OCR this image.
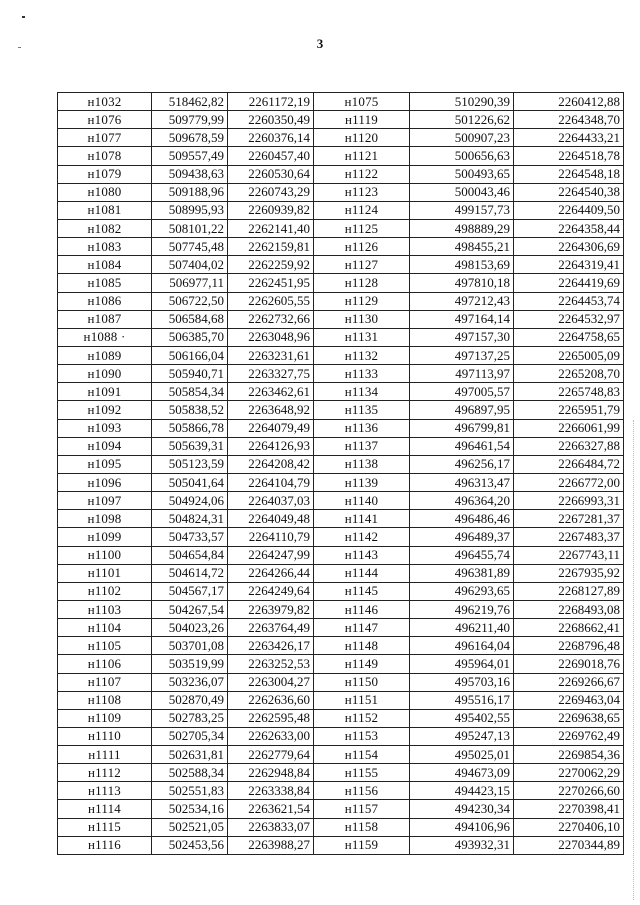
3
н1032	518462,82	2261172,19	н1075	510290,39	2260412,88
н1076	509779,99	2260350,49	н1119	501226,62	2264348,70
н1077	509678,59	2260376,14	н1120	500907,23	2264433,21
н1078	509557,49	2260457,40	н1121	500656,63	2264518,78
н1079	509438,63	2260530,64	н1122	500493,65	2264548,18
н1080	509188,96	2260743,29	н1123	500043,46	2264540,38
н1081	508995,93	2260939,82	н1124	499157,73	2264409,50
н1082	508101,22	2262141,40	н1125	498889,29	2264358,44
н1083	507745,48	2262159,81	н1126	498455,21	2264306,69
н1084	507404,02	2262259,92	н1127	498153,69	2264319,41
н1085	506977,11	2262451,95	н1128	497810,18	2264419,69
н1086	506722,50	2262605,55	н1129	497212,43	2264453,74
н1087	506584,68	2262732,66	н1130	497164,14	2264532,97
н1088 ·	506385,70	2263048,96	н1131	497157,30	2264758,65
н1089	506166,04	2263231,61	н1132	497137,25	2265005,09
н1090	505940,71	2263327,75	н1133	497113,97	2265208,70
н1091	505854,34	2263462,61	н1134	497005,57	2265748,83
н1092	505838,52	2263648,92	н1135	496897,95	2265951,79
н1093	505866,78	2264079,49	н1136	496799,81	2266061,99
н1094	505639,31	2264126,93	н1137	496461,54	2266327,88
н1095	505123,59	2264208,42	н1138	496256,17	2266484,72
н1096	505041,64	2264104,79	н1139	496313,47	2266772,00
н1097	504924,06	2264037,03	н1140	496364,20	2266993,31
н1098	504824,31	2264049,48	н1141	496486,46	2267281,37
н1099	504733,57	2264110,79	н1142	496489,37	2267483,37
н1100	504654,84	2264247,99	н1143	496455,74	2267743,11
н1101	504614,72	2264266,44	н1144	496381,89	2267935,92
н1102	504567,17	2264249,64	н1145	496293,65	2268127,89
н1103	504267,54	2263979,82	н1146	496219,76	2268493,08
н1104	504023,26	2263764,49	н1147	496211,40	2268662,41
н1105	503701,08	2263426,17	н1148	496164,04	2268796,48
н1106	503519,99	2263252,53	н1149	495964,01	2269018,76
н1107	503236,07	2263004,27	н1150	495703,16	2269266,67
н1108	502870,49	2262636,60	н1151	495516,17	2269463,04
н1109	502783,25	2262595,48	н1152	495402,55	2269638,65
н1110	502705,34	2262633,00	н1153	495247,13	2269762,49
н1111	502631,81	2262779,64	н1154	495025,01	2269854,36
н1112	502588,34	2262948,84	н1155	494673,09	2270062,29
н1113	502551,83	2263338,84	н1156	494423,15	2270266,60
н1114	502534,16	2263621,54	н1157	494230,34	2270398,41
н1115	502521,05	2263833,07	н1158	494106,96	2270406,10
н1116	502453,56	2263988,27	н1159	493932,31	2270344,89
